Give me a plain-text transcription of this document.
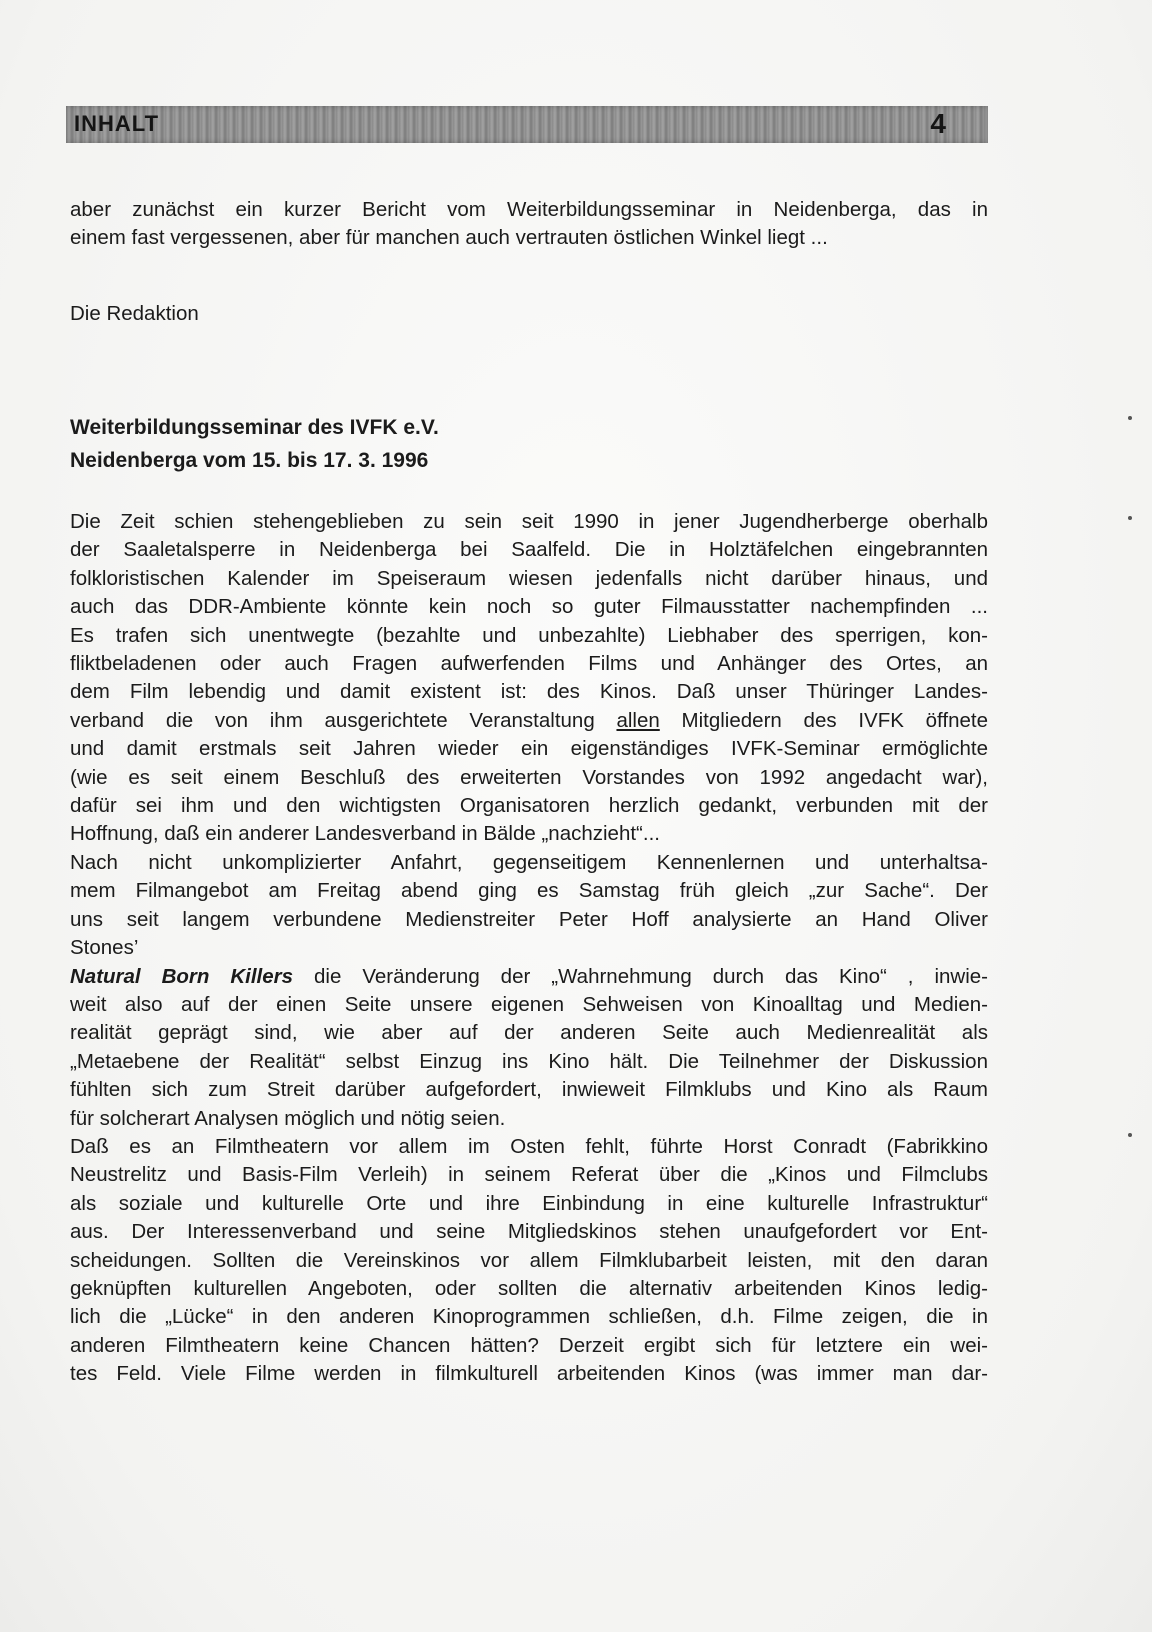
INHALT	4
aber zunächst ein kurzer Bericht vom Weiterbildungsseminar in Neidenberga, das in
einem fast vergessenen, aber für manchen auch vertrauten östlichen Winkel liegt ...
Die Redaktion
Weiterbildungsseminar des IVFK e.V.
Neidenberga vom 15. bis 17. 3. 1996
Die Zeit schien stehengeblieben zu sein seit 1990 in jener Jugendherberge oberhalb
der Saaletalsperre in Neidenberga bei Saalfeld. Die in Holztäfelchen eingebrannten
folkloristischen Kalender im Speiseraum wiesen jedenfalls nicht darüber hinaus, und
auch das DDR-Ambiente könnte kein noch so guter Filmausstatter nachempfinden ...
Es trafen sich unentwegte (bezahlte und unbezahlte) Liebhaber des sperrigen, kon-
fliktbeladenen oder auch Fragen aufwerfenden Films und Anhänger des Ortes, an
dem Film lebendig und damit existent ist: des Kinos. Daß unser Thüringer Landes-
verband die von ihm ausgerichtete Veranstaltung allen Mitgliedern des IVFK öffnete
und damit erstmals seit Jahren wieder ein eigenständiges IVFK-Seminar ermöglichte
(wie es seit einem Beschluß des erweiterten Vorstandes von 1992 angedacht war),
dafür sei ihm und den wichtigsten Organisatoren herzlich gedankt, verbunden mit der
Hoffnung, daß ein anderer Landesverband in Bälde „nachzieht“...
Nach nicht unkomplizierter Anfahrt, gegenseitigem Kennenlernen und unterhaltsa-
mem Filmangebot am Freitag abend ging es Samstag früh gleich „zur Sache“. Der
uns seit langem verbundene Medienstreiter Peter Hoff analysierte an Hand Oliver
Stones’
Natural Born Killers die Veränderung der „Wahrnehmung durch das Kino“ , inwie-
weit also auf der einen Seite unsere eigenen Sehweisen von Kinoalltag und Medien-
realität geprägt sind, wie aber auf der anderen Seite auch Medienrealität als
„Metaebene der Realität“ selbst Einzug ins Kino hält. Die Teilnehmer der Diskussion
fühlten sich zum Streit darüber aufgefordert, inwieweit Filmklubs und Kino als Raum
für solcherart Analysen möglich und nötig seien.
Daß es an Filmtheatern vor allem im Osten fehlt, führte Horst Conradt (Fabrikkino
Neustrelitz und Basis-Film Verleih) in seinem Referat über die „Kinos und Filmclubs
als soziale und kulturelle Orte und ihre Einbindung in eine kulturelle Infrastruktur“
aus. Der Interessenverband und seine Mitgliedskinos stehen unaufgefordert vor Ent-
scheidungen. Sollten die Vereinskinos vor allem Filmklubarbeit leisten, mit den daran
geknüpften kulturellen Angeboten, oder sollten die alternativ arbeitenden Kinos ledig-
lich die „Lücke“ in den anderen Kinoprogrammen schließen, d.h. Filme zeigen, die in
anderen Filmtheatern keine Chancen hätten? Derzeit ergibt sich für letztere ein wei-
tes Feld. Viele Filme werden in filmkulturell arbeitenden Kinos (was immer man dar-
